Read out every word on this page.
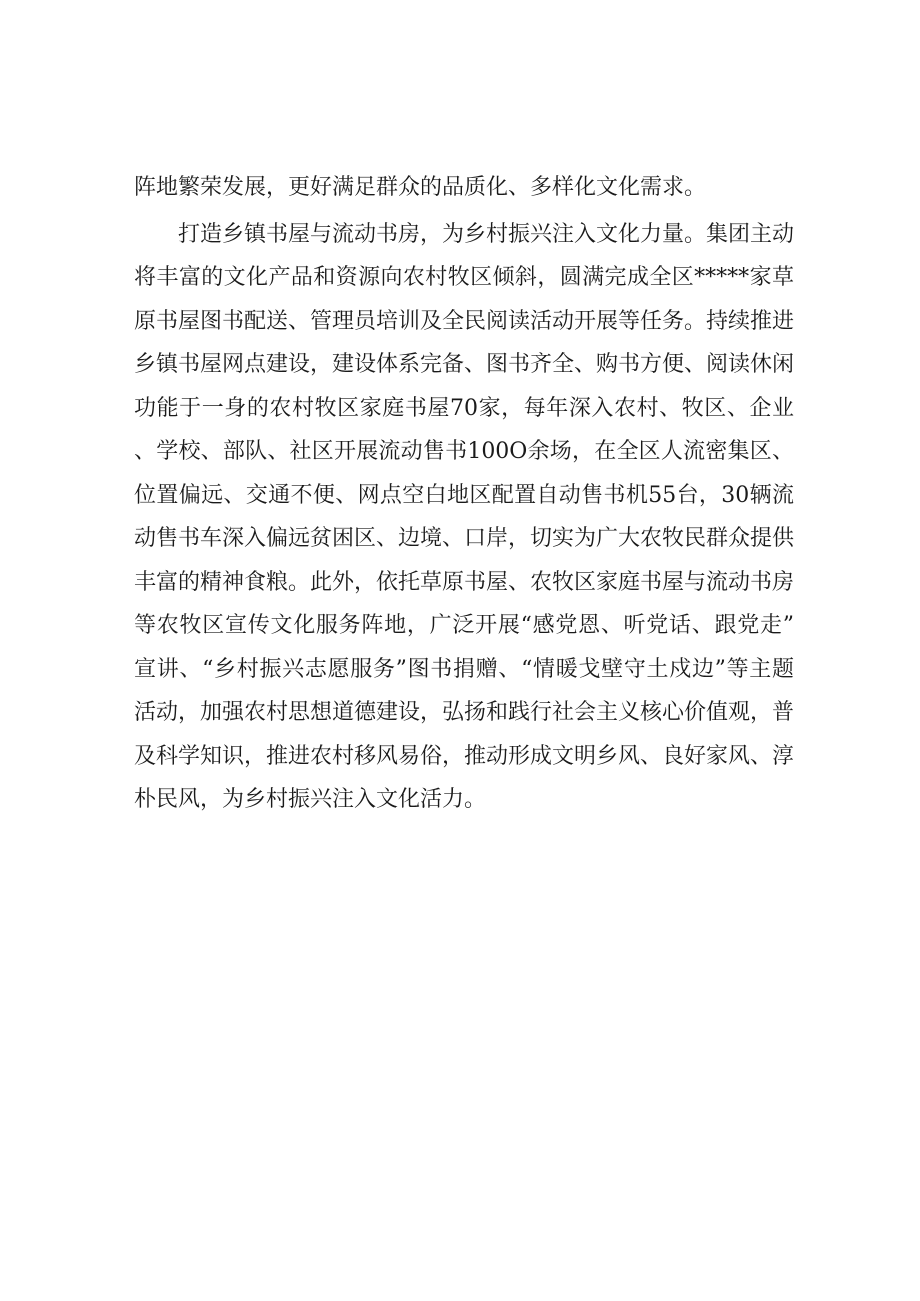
阵地繁荣发展，更好满足群众的品质化、多样化文化需求。

打造乡镇书屋与流动书房，为乡村振兴注入文化力量。集团主动将丰富的文化产品和资源向农村牧区倾斜，圆满完成全区*****家草原书屋图书配送、管理员培训及全民阅读活动开展等任务。持续推进乡镇书屋网点建设，建设体系完备、图书齐全、购书方便、阅读休闲功能于一身的农村牧区家庭书屋70家，每年深入农村、牧区、企业、学校、部队、社区开展流动售书100O余场，在全区人流密集区、位置偏远、交通不便、网点空白地区配置自动售书机55台，30辆流动售书车深入偏远贫困区、边境、口岸，切实为广大农牧民群众提供丰富的精神食粮。此外，依托草原书屋、农牧区家庭书屋与流动书房等农牧区宣传文化服务阵地，广泛开展“感党恩、听党话、跟党走”宣讲、“乡村振兴志愿服务”图书捐赠、“情暖戈壁守土戍边”等主题活动，加强农村思想道德建设，弘扬和践行社会主义核心价值观，普及科学知识，推进农村移风易俗，推动形成文明乡风、良好家风、淳朴民风，为乡村振兴注入文化活力。
